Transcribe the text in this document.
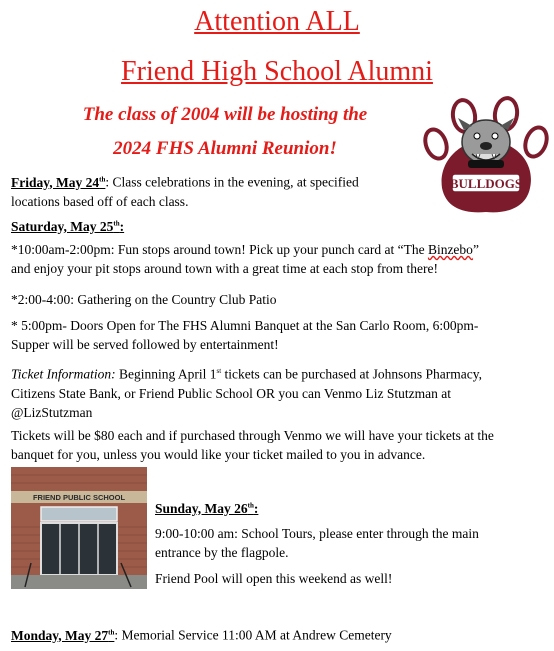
Attention ALL
Friend High School Alumni
The class of 2004 will be hosting the
2024 FHS Alumni Reunion!
BULLDOGS
Friday, May 24th: Class celebrations in the evening, at specified
locations based off of each class.
Saturday, May 25th:
*10:00am-2:00pm: Fun stops around town! Pick up your punch card at “The Binzebo”
and enjoy your pit stops around town with a great time at each stop from there!
*2:00-4:00: Gathering on the Country Club Patio
* 5:00pm- Doors Open for The FHS Alumni Banquet at the San Carlo Room, 6:00pm-
Supper will be served followed by entertainment!
Ticket Information: Beginning April 1st tickets can be purchased at Johnsons Pharmacy,
Citizens State Bank, or Friend Public School OR you can Venmo Liz Stutzman at
@LizStutzman
Tickets will be $80 each and if purchased through Venmo we will have your tickets at the
banquet for you, unless you would like your ticket mailed to you in advance.
FRIEND PUBLIC SCHOOL
Sunday, May 26th:
9:00-10:00 am: School Tours, please enter through the main
entrance by the flagpole.
Friend Pool will open this weekend as well!
Monday, May 27th: Memorial Service 11:00 AM at Andrew Cemetery
